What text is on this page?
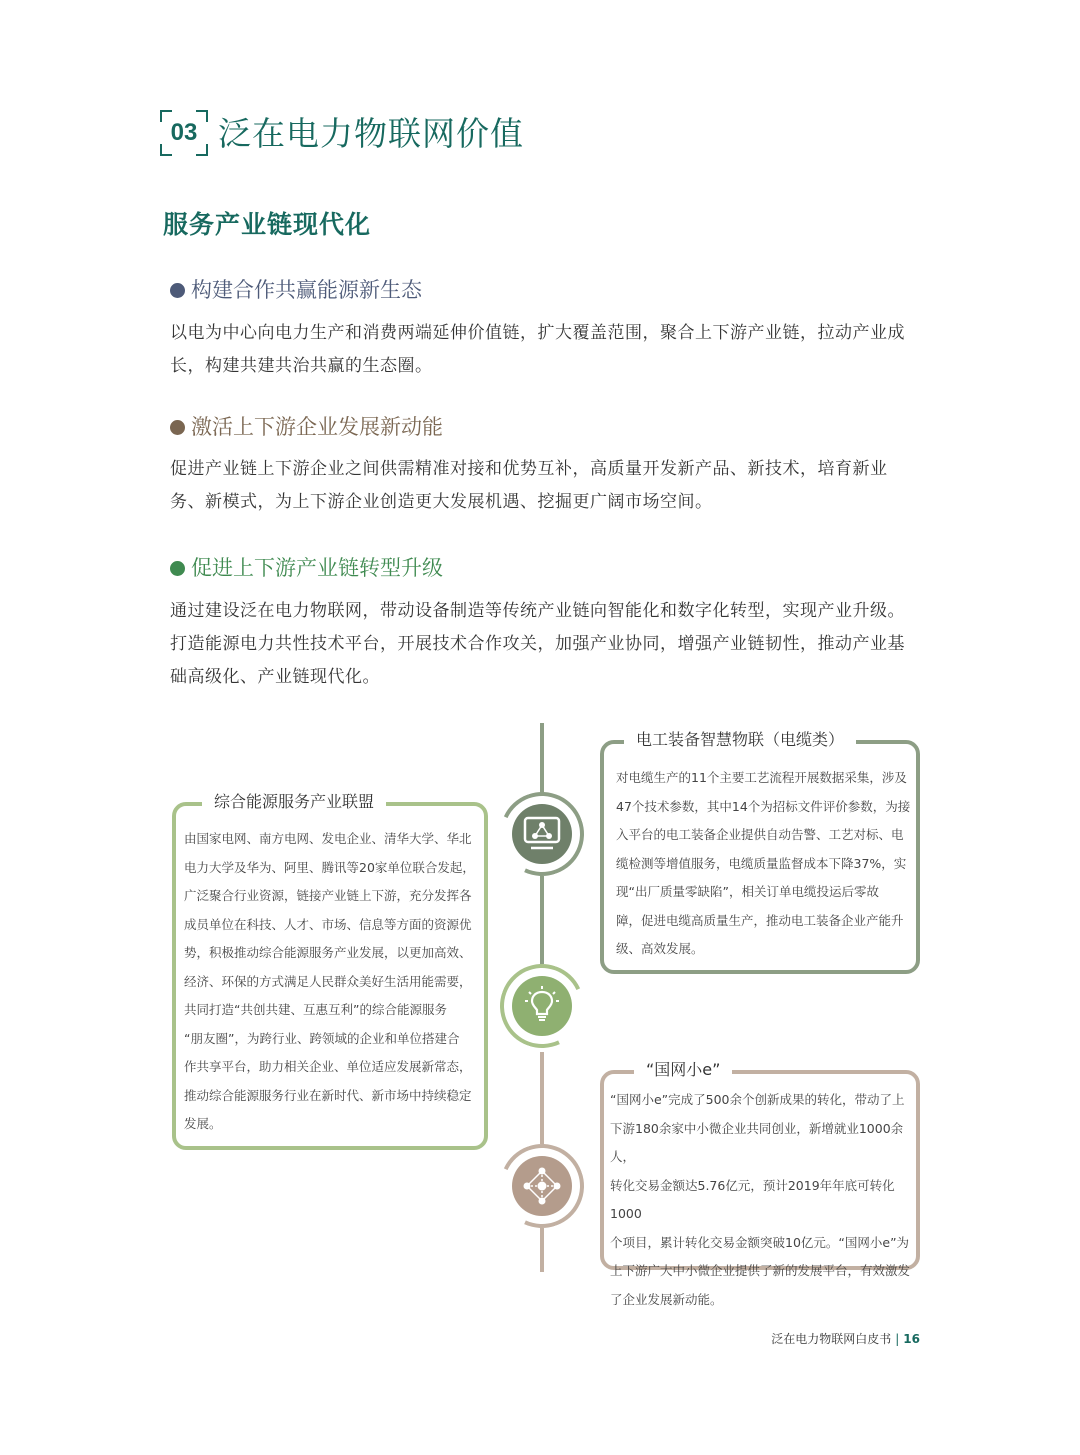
03 泛在电力物联网价值
服务产业链现代化
构建合作共赢能源新生态
以电为中心向电力生产和消费两端延伸价值链，扩大覆盖范围，聚合上下游产业链，拉动产业成
长，构建共建共治共赢的生态圈。
激活上下游企业发展新动能
促进产业链上下游企业之间供需精准对接和优势互补，高质量开发新产品、新技术，培育新业
务、新模式，为上下游企业创造更大发展机遇、挖掘更广阔市场空间。
促进上下游产业链转型升级
通过建设泛在电力物联网，带动设备制造等传统产业链向智能化和数字化转型，实现产业升级。
打造能源电力共性技术平台，开展技术合作攻关，加强产业协同，增强产业链韧性，推动产业基
础高级化、产业链现代化。
电工装备智慧物联（电缆类）
对电缆生产的11个主要工艺流程开展数据采集，涉及
47个技术参数，其中14个为招标文件评价参数，为接
入平台的电工装备企业提供自动告警、工艺对标、电
缆检测等增值服务，电缆质量监督成本下降37%，实
现“出厂质量零缺陷”，相关订单电缆投运后零故
障，促进电缆高质量生产，推动电工装备企业产能升
级、高效发展。
综合能源服务产业联盟
由国家电网、南方电网、发电企业、清华大学、华北
电力大学及华为、阿里、腾讯等20家单位联合发起，
广泛聚合行业资源，链接产业链上下游，充分发挥各
成员单位在科技、人才、市场、信息等方面的资源优
势，积极推动综合能源服务产业发展，以更加高效、
经济、环保的方式满足人民群众美好生活用能需要，
共同打造“共创共建、互惠互利”的综合能源服务
“朋友圈”，为跨行业、跨领域的企业和单位搭建合
作共享平台，助力相关企业、单位适应发展新常态，
推动综合能源服务行业在新时代、新市场中持续稳定
发展。
“国网小e”
“国网小e”完成了500余个创新成果的转化，带动了上
下游180余家中小微企业共同创业，新增就业1000余人，
转化交易金额达5.76亿元，预计2019年年底可转化1000
个项目，累计转化交易金额突破10亿元。“国网小e”为
上下游广大中小微企业提供了新的发展平台，有效激发
了企业发展新动能。
泛在电力物联网白皮书 | 16
